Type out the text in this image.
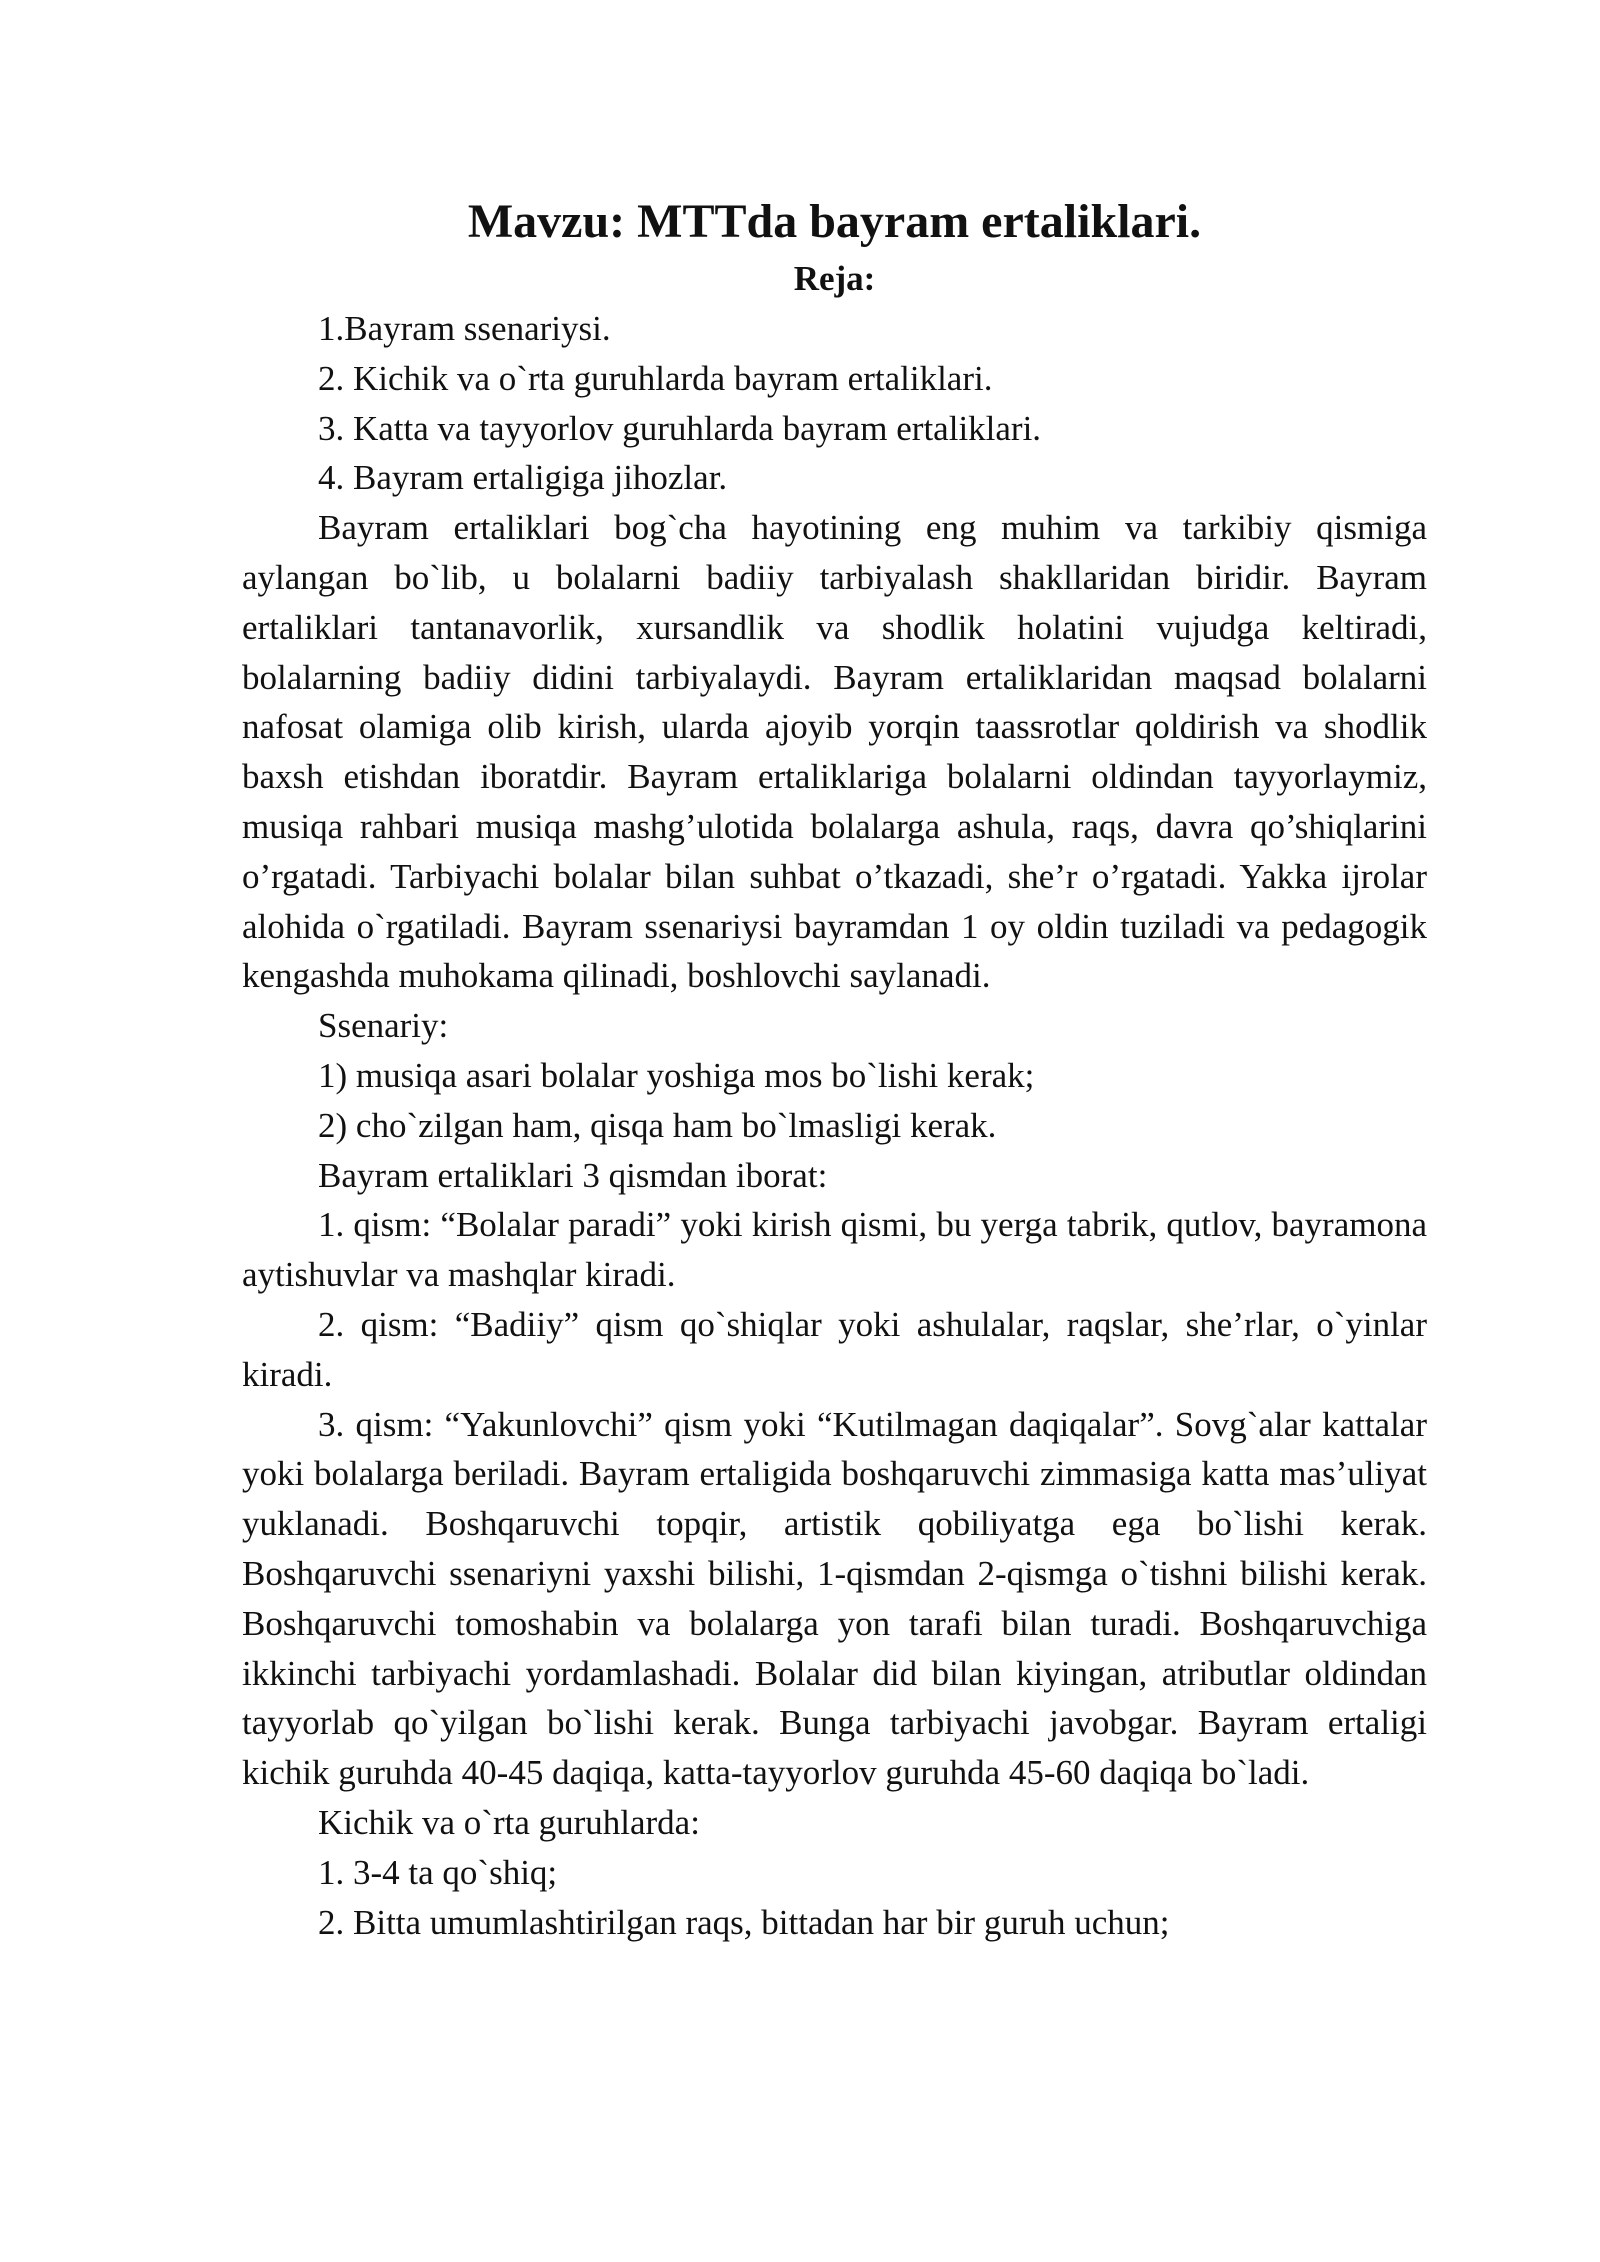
Mavzu: MTTda bayram ertaliklari.
Reja:

1.Bayram ssenariysi.

2. Kichik va o`rta guruhlarda bayram ertaliklari.

3. Katta va tayyorlov guruhlarda bayram ertaliklari.

4. Bayram ertaligiga jihozlar.

Bayram ertaliklari bog`cha hayotining eng muhim va tarkibiy qismiga aylangan bo`lib, u bolalarni badiiy tarbiyalash shakllaridan biridir. Bayram ertaliklari tantanavorlik, xursandlik va shodlik holatini vujudga keltiradi, bolalarning badiiy didini tarbiyalaydi. Bayram ertaliklaridan maqsad bolalarni nafosat olamiga olib kirish, ularda ajoyib yorqin taassrotlar qoldirish va shodlik baxsh etishdan iboratdir. Bayram ertaliklariga bolalarni oldindan tayyorlaymiz, musiqa rahbari musiqa mashg’ulotida bolalarga ashula, raqs, davra qo’shiqlarini o’rgatadi. Tarbiyachi bolalar bilan suhbat o’tkazadi, she’r o’rgatadi. Yakka ijrolar alohida o`rgatiladi. Bayram ssenariysi bayramdan 1 oy oldin tuziladi va pedagogik kengashda muhokama qilinadi, boshlovchi saylanadi.

Ssenariy:

1) musiqa asari bolalar yoshiga mos bo`lishi kerak;

2) cho`zilgan ham, qisqa ham bo`lmasligi kerak.

Bayram ertaliklari 3 qismdan iborat:

1. qism: “Bolalar paradi” yoki kirish qismi, bu yerga tabrik, qutlov, bayramona aytishuvlar va mashqlar kiradi.

2. qism: “Badiiy” qism qo`shiqlar yoki ashulalar, raqslar, she’rlar, o`yinlar kiradi.

3. qism: “Yakunlovchi” qism yoki “Kutilmagan daqiqalar”. Sovg`alar kattalar yoki bolalarga beriladi. Bayram ertaligida boshqaruvchi zimmasiga katta mas’uliyat yuklanadi. Boshqaruvchi topqir, artistik qobiliyatga ega bo`lishi kerak. Boshqaruvchi ssenariyni yaxshi bilishi, 1-qismdan 2-qismga o`tishni bilishi kerak. Boshqaruvchi tomoshabin va bolalarga yon tarafi bilan turadi. Boshqaruvchiga ikkinchi tarbiyachi yordamlashadi. Bolalar did bilan kiyingan, atributlar oldindan tayyorlab qo`yilgan bo`lishi kerak. Bunga tarbiyachi javobgar. Bayram ertaligi kichik guruhda 40-45 daqiqa, katta-tayyorlov guruhda 45-60 daqiqa bo`ladi.

Kichik va o`rta guruhlarda:

1. 3-4 ta qo`shiq;

2. Bitta umumlashtirilgan raqs, bittadan har bir guruh uchun;
